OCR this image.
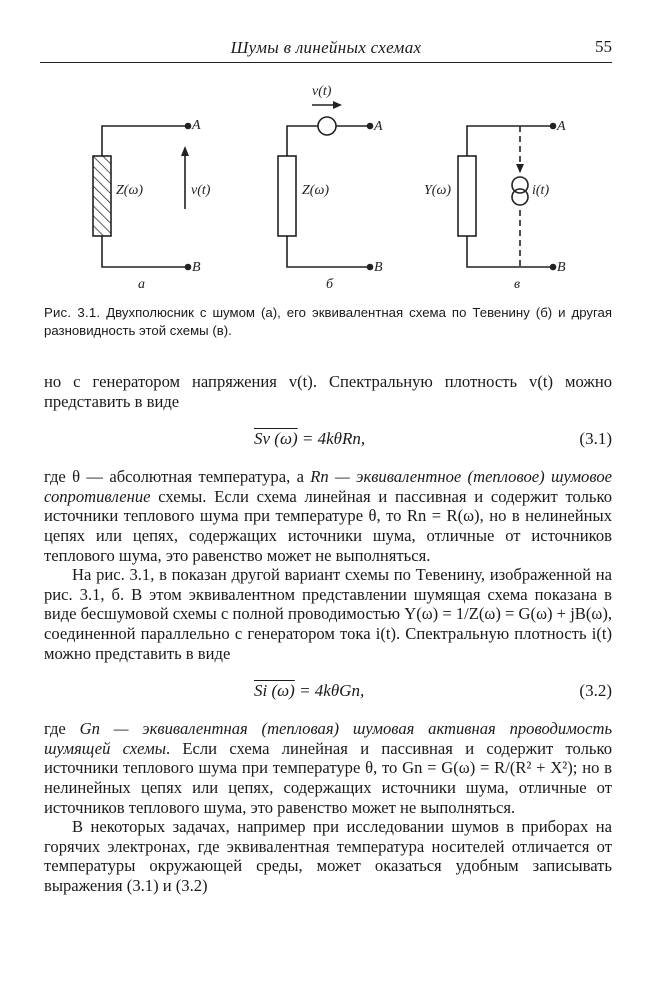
Шумы в линейных схемах	55
Z(ω)	v(t)
A
B
а
v(t)
Z(ω)
A
B
б
Y(ω)	i(t)
A
B
в
Рис. 3.1. Двухполюсник с шумом (а), его эквивалентная схема по Тевенину (б) и другая разновидность этой схемы (в).

но с генератором напряжения v(t). Спектральную плотность v(t) можно представить в виде

Sv (ω) = 4kθRn,	(3.1)

где θ — абсолютная температура, а Rn — эквивалентное (тепловое) шумовое сопротивление схемы. Если схема линейная и пассивная и содержит только источники теплового шума при температуре θ, то Rn = R(ω), но в нелинейных цепях или цепях, содержащих источники шума, отличные от источников теплового шума, это равенство может не выполняться.

На рис. 3.1, в показан другой вариант схемы по Тевенину, изображенной на рис. 3.1, б. В этом эквивалентном представлении шумящая схема показана в виде бесшумовой схемы с полной проводимостью Y(ω) = 1/Z(ω) = G(ω) + jB(ω), соединенной параллельно с генератором тока i(t). Спектральную плотность i(t) можно представить в виде

Si (ω) = 4kθGn,	(3.2)

где Gn — эквивалентная (тепловая) шумовая активная проводимость шумящей схемы. Если схема линейная и пассивная и содержит только источники теплового шума при температуре θ, то Gn = G(ω) = R/(R² + X²); но в нелинейных цепях или цепях, содержащих источники шума, отличные от источников теплового шума, это равенство может не выполняться.

В некоторых задачах, например при исследовании шумов в приборах на горячих электронах, где эквивалентная температура носителей отличается от температуры окружающей среды, может оказаться удобным записывать выражения (3.1) и (3.2)
